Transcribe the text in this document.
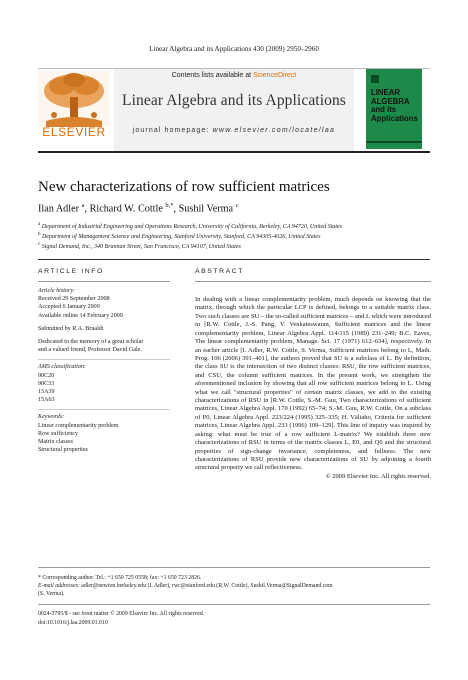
Linear Algebra and its Applications 430 (2009) 2950–2960
Contents lists available at ScienceDirect
Linear Algebra and its Applications
journal homepage: www.elsevier.com/locate/laa
ELSEVIER
LINEAR
ALGEBRA
and its
Applications
New characterizations of row sufficient matrices
Ilan Adler $^a$, Richard W. Cottle $^{b,*}$, Sushil Verma $^c$
$^a$ Department of Industrial Engineering and Operations Research, University of California, Berkeley, CA 94720, United States
$^b$ Department of Management Science and Engineering, Stanford University, Stanford, CA 94305-4026, United States
$^c$ Signal Demand, Inc., 340 Brannan Street, San Francisco, CA 94107, United States
ARTICLE INFO	ABSTRACT
Article history:
Received 29 September 2008
Accepted 6 January 2009
Available online 14 February 2009
Submitted by R.A. Brualdi
Dedicated to the memory of a great scholar
and a valued friend, Professor David Gale.
AMS classification:
90C20
90C33
15A39
15A63
Keywords:
Linear complementarity problem
Row sufficiency
Matrix classes
Structural properties
In dealing with a linear complementarity problem, much depends on knowing that the matrix, through which the particular LCP is defined, belongs to a suitable matrix class. Two such classes are SU – the so-called sufficient matrices – and L which were introduced in [R.W. Cottle, J.-S. Pang, V. Venkateswaran, Sufficient matrices and the linear complementarity problem, Linear Algebra Appl. 114/115 (1989) 231–249; B.C. Eaves, The linear complementarity problem, Manage. Sci. 17 (1971) 612–634], respectively. In an earlier article [I. Adler, R.W. Cottle, S. Verma, Sufficient matrices belong to L, Math. Prog. 106 (2006) 391–401], the authors proved that SU is a subclass of L. By definition, the class SU is the intersection of two distinct classes: RSU, the row sufficient matrices, and CSU, the column sufficient matrices. In the present work, we strengthen the aforementioned inclusion by showing that all row sufficient matrices belong to L. Using what we call "structural properties" of certain matrix classes, we add to the existing characterizations of RSU in [R.W. Cottle, S.-M. Guu, Two characterizations of sufficient matrices, Linear Algebra Appl. 170 (1992) 65–74; S.-M. Guu, R.W. Cottle, On a subclass of P0, Linear Algebra Appl. 223/224 (1995) 325–335; H. Väliaho, Criteria for sufficient matrices, Linear Algebra Appl. 233 (1996) 109–129]. This line of inquiry was inspired by asking: what must be true of a row sufficient L-matrix? We establish three new characterizations of RSU in terms of the matrix classes L, E0, and Q0 and the structural properties of sign-change invariance, completeness, and fullness. The new characterizations of RSU provide new characterizations of SU by adjoining a fourth structural property we call reflectiveness.
© 2009 Elsevier Inc. All rights reserved.
* Corresponding author. Tel.: +1 650 725 0558; fax: +1 650 723 2826.
E-mail addresses: adler@newton.berkeley.edu (I. Adler), rwc@stanford.edu (R.W. Cottle), Sushil.Verma@SignalDemand.com
(S. Verma).
0024-3795/$ - see front matter © 2009 Elsevier Inc. All rights reserved.
doi:10.1016/j.laa.2009.01.010
